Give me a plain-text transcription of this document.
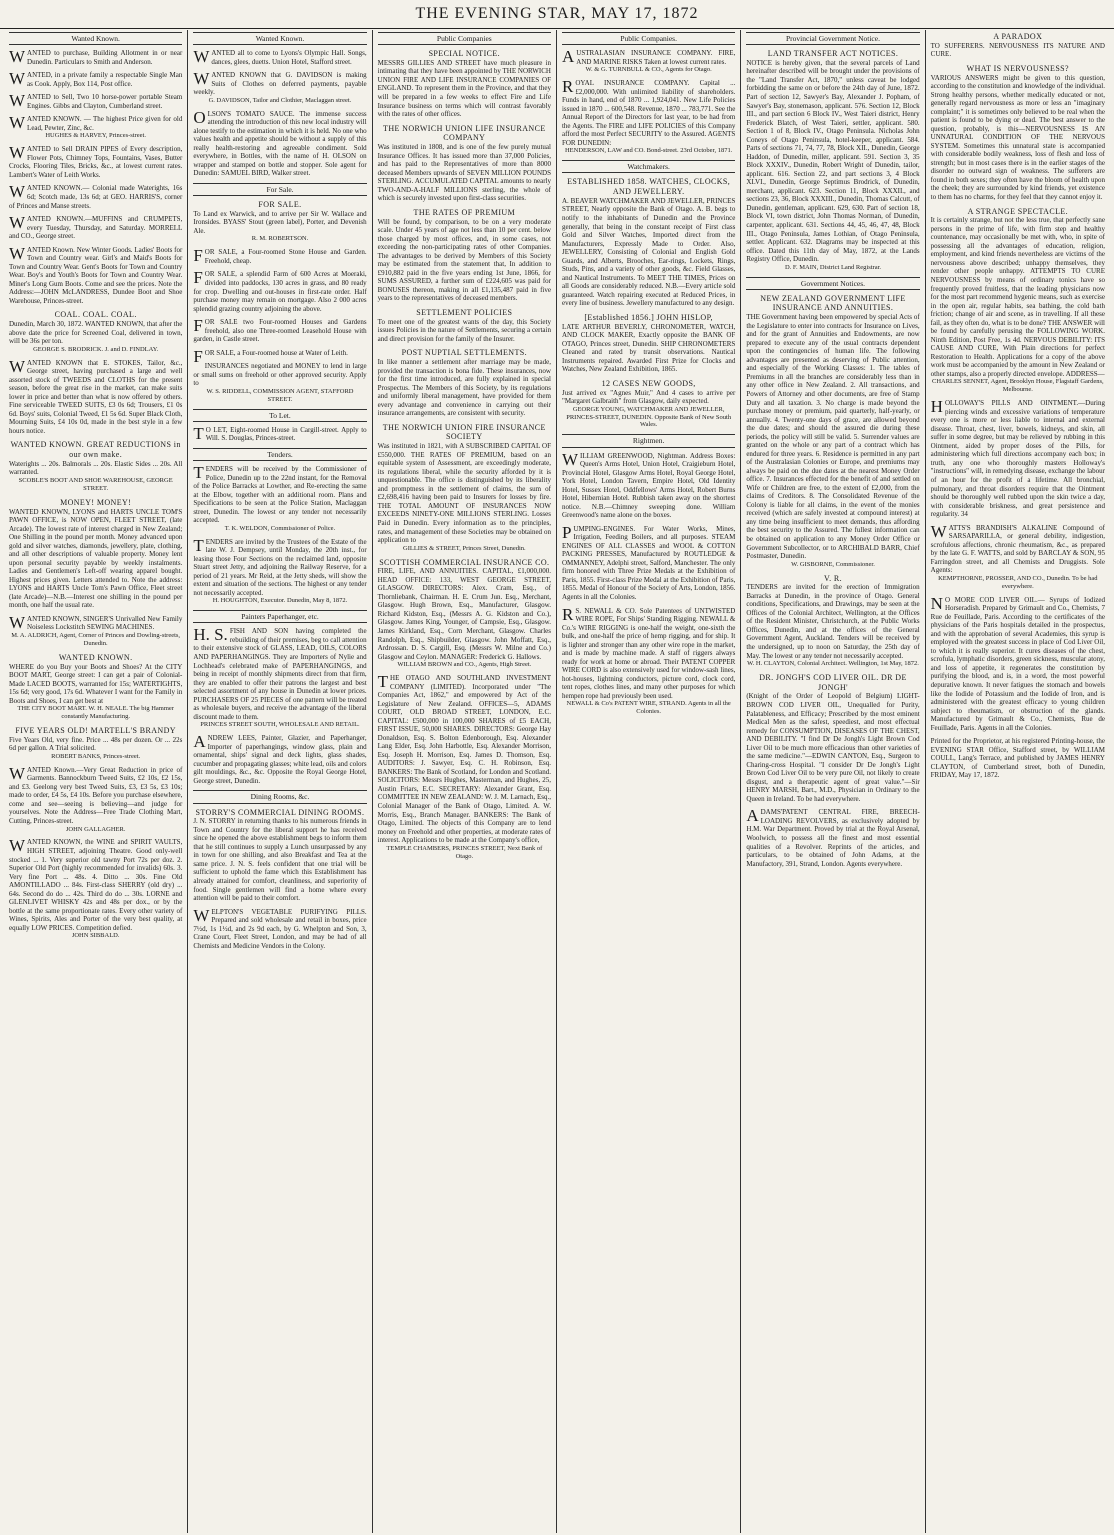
THE EVENING STAR, MAY 17, 1872
Wanted Known.
WANTED to purchase, Building Allotment in or near Dunedin. Particulars to Smith and Anderson.
WANTED, in a private family a respectable Single Man as Cook. Apply, Box 114, Post office.
WANTED to Sell, Two 10 horse-power portable Steam Engines. Gibbs and Clayton, Cumberland street.
WANTED KNOWN. — The highest Price given for old Lead, Pewter, Zinc, &c.
HUGHES & HARVEY, Princes-street.
WANTED to Sell DRAIN PIPES of Every description, Flower Pots, Chimney Tops, Fountains, Vases, Butter Crocks, Flooring Tiles, Bricks, &c., at lowest current rates. Lambert's Water of Leith Works.
WANTED KNOWN.— Colonial made Waterights, 16s 6d; Scotch made, 13s 6d; at GEO. HARRIS'S, corner of Princes and Manse streets.
WANTED KNOWN.—MUFFINS and CRUMPETS, every Tuesday, Thursday, and Saturday. MORRELL and CO., George street.
WANTED Known. New Winter Goods. Ladies' Boots for Town and Country wear. Girl's and Maid's Boots for Town and Country Wear. Gent's Boots for Town and Country Wear. Boy's and Youth's Boots for Town and Country Wear. Miner's Long Gum Boots. Come and see the prices. Note the Address:—JOHN McLANDRESS, Dundee Boot and Shoe Warehouse, Princes-street.
COAL. COAL. COAL.
Dunedin, March 30, 1872. WANTED KNOWN, that after the above date the price for Screened Coal, delivered in town, will be 36s per ton.
GEORGE S. BRODRICK. J. and D. FINDLAY.
WANTED KNOWN that E. STOKES, Tailor, &c., George street, having purchased a large and well assorted stock of TWEEDS and CLOTHS for the present season, before the great rise in the market, can make suits lower in price and better than what is now offered by others. Fine serviceable TWEED SUITS, £3 0s 6d; Trousers, £1 0s 6d. Boys' suits, Colonial Tweed, £1 5s 6d. Super Black Cloth, Mourning Suits, £4 10s 0d, made in the best style in a few hours notice.
WANTED KNOWN. GREAT REDUCTIONS in our own make.
Waterights ... 20s. Balmorals ... 20s. Elastic Sides ... 20s. All warranted.
SCOBLE'S BOOT AND SHOE WAREHOUSE, GEORGE STREET.
MONEY! MONEY!
WANTED KNOWN, LYONS and HARTS UNCLE TOM'S PAWN OFFICE, is NOW OPEN, FLEET STREET, (late Arcade). The lowest rate of interest charged in New Zealand; One Shilling in the pound per month. Money advanced upon gold and silver watches, diamonds, jewellery, plate, clothing, and all other descriptions of valuable property. Money lent upon personal security payable by weekly instalments. Ladies and Gentlemen's Left-off wearing apparel bought. Highest prices given. Letters attended to. Note the address: LYONS and HARTS Uncle Tom's Pawn Office, Fleet street (late Arcade)—N.B.—Interest one shilling in the pound per month, one half the usual rate.
WANTED KNOWN, SINGER'S Unrivalled New Family Noiseless Lockstitch SEWING MACHINES.
M. A. ALDRICH, Agent, Corner of Princes and Dowling-streets, Dunedin.
WANTED KNOWN.
WHERE do you Buy your Boots and Shoes? At the CITY BOOT MART, George street: I can get a pair of Colonial-Made LACED BOOTS, warranted for 15s; WATERTIGHTS, 15s 6d; very good, 17s 6d. Whatever I want for the Family in Boots and Shoes, I can get best at
THE CITY BOOT MART. W. H. NEALE. The big Hammer constantly Manufacturing.
FIVE YEARS OLD! MARTELL'S BRANDY
Five Years Old, very fine. Price ... 48s per dozen. Or ... 22s 6d per gallon. A Trial solicited.
ROBERT BANKS, Princes-street.
WANTED Known.—Very Great Reduction in price of Garments. Bannockburn Tweed Suits, £2 10s, £2 15s, and £3. Geelong very best Tweed Suits, £3, £3 5s, £3 10s; made to order, £4 5s, £4 10s. Before you purchase elsewhere, come and see—seeing is believing—and judge for yourselves. Note the Address—Free Trade Clothing Mart, Cutting, Princes-street.
JOHN GALLAGHER.
WANTED KNOWN, the WINE and SPIRIT VAULTS, HIGH STREET, adjoining Theatre. Good only-well stocked ... 1. Very superior old tawny Port 72s per doz. 2. Superior Old Port (highly recommended for invalids) 60s. 3. Very fine Port ... 48s. 4. Ditto ... 30s. Fine Old AMONTILLADO ... 84s. First-class SHERRY (old dry) ... 64s. Second do do ... 42s. Third do do ... 30s. LORNE and GLENLIVET WHISKY 42s and 48s per dox., or by the bottle at the same proportionate rates. Every other variety of Wines, Spirits, Ales and Porter of the very best quality, at equally LOW PRICES. Competition defied.
JOHN SIBBALD.
Wanted Known.
WANTED all to come to Lyons's Olympic Hall. Songs, dances, glees, duetts. Union Hotel, Stafford street.
WANTED KNOWN that G. DAVIDSON is making Suits of Clothes on deferred payments, payable weekly.
G. DAVIDSON, Tailor and Clothier, Maclaggan street.
OLSON'S TOMATO SAUCE. The immense success attending the introduction of this new local industry will alone testify to the estimation in which it is held. No one who values health and appetite should be without a supply of this really health-restoring and agreeable condiment. Sold everywhere, in Bottles, with the name of H. OLSON on wrapper and stamped on bottle and stopper. Sole agent for Dunedin: SAMUEL BIRD, Walker street.
For Sale.
FOR SALE.
To Land ex Warwick, and to arrive per Sir W. Wallace and Ironsides. BYASS' Stout (green label), Porter, and Devenish Ale.
R. M. ROBERTSON.
FOR SALE, a Four-roomed Stone House and Garden. Freehold, cheap.
FOR SALE, a splendid Farm of 600 Acres at Moeraki, divided into paddocks, 130 acres in grass, and 80 ready for crop. Dwelling and out-houses in first-rate order. Half purchase money may remain on mortgage. Also 2 000 acres splendid grazing country adjoining the above.
FOR SALE two Four-roomed Houses and Gardens freehold, also one Three-roomed Leasehold House with garden, in Castle street.
FOR SALE, a Four-roomed house at Water of Leith.
INSURANCES negotiated and MONEY to lend in large or small sums on freehold or other approved security. Apply to
W. S. RIDDELL, COMMISSION AGENT, STAFFORD STREET.
To Let.
T O LET, Eight-roomed House in Cargill-street. Apply to Will. S. Douglas, Princes-street.
Tenders.
TENDERS will be received by the Commissioner of Police, Dunedin up to the 22nd instant, for the Removal of the Police Barracks at Lowther, and Re-erecting the same at the Elbow, together with an additional room. Plans and Specifications to be seen at the Police Station, Maclaggan street, Dunedin. The lowest or any tender not necessarily accepted.
T. K. WELDON, Commissioner of Police.
TENDERS are invited by the Trustees of the Estate of the late W. J. Dempsey, until Monday, the 20th inst., for leasing those Four Sections on the reclaimed land, opposite Stuart street Jetty, and adjoining the Railway Reserve, for a period of 21 years. Mr Reid, at the Jetty sheds, will show the extent and situation of the sections. The highest or any tender not necessarily accepted.
H. HOUGHTON, Executor. Dunedin, May 8, 1872.
Painters Paperhanger, etc.
H. S. FISH AND SON having completed the rebuilding of their premises, beg to call attention to their extensive stock of GLASS, LEAD, OILS, COLORS AND PAPERHANGINGS. They are Importers of Nylie and Lochhead's celebrated make of PAPERHANGINGS, and being in receipt of monthly shipments direct from that firm, they are enabled to offer their patrons the largest and best selected assortment of any house in Dunedin at lower prices. PURCHASERS OF 25 PIECES of one pattern will be treated as wholesale buyers, and receive the advantage of the liberal discount made to them.
PRINCES STREET SOUTH, WHOLESALE AND RETAIL.
ANDREW LEES, Painter, Glazier, and Paperhanger, Importer of paperhangings, window glass, plain and ornamental, ships' signal and deck lights, glass shades, cucumber and propagating glasses; white lead, oils and colors gilt mouldings, &c., &c. Opposite the Royal George Hotel, George street, Dunedin.
Dining Rooms, &c.
STORRY'S COMMERCIAL DINING ROOMS.
J. N. STORRY in returning thanks to his numerous friends in Town and Country for the liberal support he has received since he opened the above establishment begs to inform them that he still continues to supply a Lunch unsurpassed by any in town for one shilling, and also Breakfast and Tea at the same price. J. N. S. feels confident that one trial will be sufficient to uphold the fame which this Establishment has already attained for comfort, cleanliness, and superiority of food. Single gentlemen will find a home where every attention will be paid to their comfort.
WELPTON'S VEGETABLE PURIFYING PILLS. Prepared and sold wholesale and retail in boxes, price 7½d, 1s 1½d, and 2s 9d each, by G. Whelpton and Son, 3, Crane Court, Fleet Street, London, and may be had of all Chemists and Medicine Vendors in the Colony.
Public Companies
SPECIAL NOTICE.
MESSRS GILLIES AND STREET have much pleasure in intimating that they have been appointed by THE NORWICH UNION FIRE AND LIFE INSURANCE COMPANIES OF ENGLAND. To represent them in the Province, and that they will be prepared in a few weeks to effect Fire and Life Insurance business on terms which will contrast favorably with the rates of other offices.
THE NORWICH UNION LIFE INSURANCE COMPANY
Was instituted in 1808, and is one of the few purely mutual Insurance Offices. It has issued more than 37,000 Policies, and has paid to the Representatives of more than 8000 deceased Members upwards of SEVEN MILLION POUNDS STERLING. ACCUMULATED CAPITAL amounts to nearly TWO-AND-A-HALF MILLIONS sterling, the whole of which is securely invested upon first-class securities.
THE RATES OF PREMIUM
Will be found, by comparison, to be on a very moderate scale. Under 45 years of age not less than 10 per cent. below those charged by most offices, and, in some cases, not exceeding the non-participating rates of other Companies. The advantages to be derived by Members of this Society may be estimated from the statement that, In addition to £910,882 paid in the five years ending 1st June, 1866, for SUMS ASSURED, a further sum of £224,605 was paid for BONUSES thereon, making in all £1,135,487 paid in five years to the representatives of deceased members.
SETTLEMENT POLICIES
To meet one of the greatest wants of the day, this Society issues Policies in the nature of Settlements, securing a certain and direct provision for the family of the Insurer.
POST NUPTIAL SETTLEMENTS.
In like manner a settlement after marriage may be made, provided the transaction is bona fide. These insurances, now for the first time introduced, are fully explained in special Prospectus. The Members of this Society, by its regulations and uniformly liberal management, have provided for them every advantage and convenience in carrying out their insurance arrangements, are consistent with security.
THE NORWICH UNION FIRE INSURANCE SOCIETY
Was instituted in 1821, with A SUBSCRIBED CAPITAL OF £550,000. THE RATES OF PREMIUM, based on an equitable system of Assessment, are exceedingly moderate, its regulations liberal, while the security afforded by it is unquestionable. The office is distinguished by its liberality and promptness in the settlement of claims, the sum of £2,698,416 having been paid to Insurers for losses by fire. THE TOTAL AMOUNT OF INSURANCES NOW EXCEEDS NINETY-ONE MILLIONS STERLING. Losses Paid in Dunedin. Every information as to the principles, rates, and management of these Societies may be obtained on application to
GILLIES & STREET, Princes Street, Dunedin.
SCOTTISH COMMERCIAL INSURANCE CO.
FIRE, LIFE, AND ANNUITIES. CAPITAL, £1,000,000. HEAD OFFICE: 133, WEST GEORGE STREET, GLASGOW. DIRECTORS: Alex. Cram, Esq., of Thornliebank, Chairman. H. E. Crum Jun. Esq., Merchant, Glasgow. Hugh Brown, Esq., Manufacturer, Glasgow. Richard Kidston, Esq., (Messrs A. G. Kidston and Co.), Glasgow. James King, Younger, of Campsie, Esq., Glasgow. James Kirkland, Esq., Corn Merchant, Glasgow. Charles Randolph, Esq., Shipbuilder, Glasgow. John Moffatt, Esq., Ardrossan. D. S. Cargill, Esq. (Messrs W. Milne and Co.) Glasgow and Ceylon. MANAGER: Frederick G. Hallows.
WILLIAM BROWN and CO., Agents, High Street.
THE OTAGO AND SOUTHLAND INVESTMENT COMPANY (LIMITED). Incorporated under "The Companies Act, 1862," and empowered by Act of the Legislature of New Zealand. OFFICES—5, ADAMS COURT, OLD BROAD STREET, LONDON, E.C. CAPITAL: £500,000 in 100,000 SHARES of £5 EACH, FIRST ISSUE, 50,000 SHARES. DIRECTORS: George Hay Donaldson, Esq. S. Bolton Edenborough, Esq. Alexander Lang Elder, Esq. John Harbottle, Esq. Alexander Morrison, Esq. Joseph H. Morrison, Esq. James D. Thomson, Esq. AUDITORS: J. Sawyer, Esq. C. H. Robinson, Esq. BANKERS: The Bank of Scotland, for London and Scotland. SOLICITORS: Messrs Hughes, Masterman, and Hughes, 25, Austin Friars, E.C. SECRETARY: Alexander Grant, Esq. COMMITTEE IN NEW ZEALAND: W. J. M. Larnach, Esq., Colonial Manager of the Bank of Otago, Limited. A. W. Morris, Esq., Branch Manager. BANKERS: The Bank of Otago, Limited. The objects of this Company are to lend money on Freehold and other properties, at moderate rates of interest. Applications to be made at the Company's office,
TEMPLE CHAMBERS, PRINCES STREET, Next Bank of Otago.
Public Companies.
AUSTRALASIAN INSURANCE COMPANY. FIRE, AND MARINE RISKS Taken at lowest current rates.
W. & G. TURNBULL & CO., Agents for Otago.
ROYAL INSURANCE COMPANY. Capital ... £2,000,000. With unlimited liability of shareholders. Funds in hand, end of 1870 ... 1,924,041. New Life Policies issued in 1870 ... 600,548. Revenue, 1870 ... 783,771. See the Annual Report of the Directors for last year, to be had from the Agents. The FIRE and LIFE POLICIES of this Company afford the most Perfect SECURITY to the Assured. AGENTS FOR DUNEDIN:
HENDERSON, LAW and CO. Bond-street. 23rd October, 1871.
Watchmakers.
ESTABLISHED 1858. WATCHES, CLOCKS, AND JEWELLERY.
A. BEAVER WATCHMAKER AND JEWELLER, PRINCES STREET, Nearly opposite the Bank of Otago. A. B. begs to notify to the inhabitants of Dunedin and the Province generally, that being in the constant receipt of First class Gold and Silver Watches, Imported direct from the Manufacturers, Expressly Made to Order. Also, JEWELLERY, Consisting of Colonial and English Gold Guards, and Alberts, Brooches, Ear-rings, Lockets, Rings, Studs, Pins, and a variety of other goods, &c. Field Glasses, and Nautical Instruments. To MEET THE TIMES, Prices on all Goods are considerably reduced. N.B.—Every article sold guaranteed. Watch repairing executed at Reduced Prices, in every line of business. Jewellery manufactured to any design.
[Established 1856.] JOHN HISLOP,
LATE ARTHUR BEVERLY, CHRONOMETER, WATCH, AND CLOCK MAKER, Exactly opposite the BANK OF OTAGO, Princes street, Dunedin. SHIP CHRONOMETERS Cleaned and rated by transit observations. Nautical Instruments repaired. Awarded First Prize for Clocks and Watches, New Zealand Exhibition, 1865.
12 CASES NEW GOODS,
Just arrived ex "Agnes Muir," And 4 cases to arrive per "Margaret Galbraith" from Glasgow, daily expected.
GEORGE YOUNG, WATCHMAKER AND JEWELLER, PRINCES-STREET, DUNEDIN. Opposite Bank of New South Wales.
Rightmen.
WILLIAM GREENWOOD, Nightman. Address Boxes: Queen's Arms Hotel, Union Hotel, Craigieburn Hotel, Provincial Hotel, Glasgow Arms Hotel, Royal George Hotel, York Hotel, London Tavern, Empire Hotel, Old Identity Hotel, Sussex Hotel, Oddfellows' Arms Hotel, Robert Burns Hotel, Hibernian Hotel. Rubbish taken away on the shortest notice. N.B.—Chimney sweeping done. William Greenwood's name alone on the boxes.
PUMPING-ENGINES. For Water Works, Mines, Irrigation, Feeding Boilers, and all purposes. STEAM ENGINES OF ALL CLASSES and WOOL & COTTON PACKING PRESSES, Manufactured by ROUTLEDGE & OMMANNEY, Adelphi street, Salford, Manchester. The only firm honored with Three Prize Medals at the Exhibition of Paris, 1855. First-class Prize Medal at the Exhibition of Paris, 1855. Medal of Honour of the Society of Arts, London, 1856. Agents in all the Colonies.
R S. NEWALL & CO. Sole Patentees of UNTWISTED WIRE ROPE, For Ships' Standing Rigging. NEWALL & Co.'s WIRE RIGGING is one-half the weight, one-sixth the bulk, and one-half the price of hemp rigging, and for ship. It is lighter and stronger than any other wire rope in the market, and is made by machine made. A staff of riggers always ready for work at home or abroad. Their PATENT COPPER WIRE CORD is also extensively used for window-sash lines, hot-houses, lightning conductors, picture cord, clock cord, tent ropes, clothes lines, and many other purposes for which hempen rope had previously been used.
NEWALL & Co's PATENT WIRE, STRAND. Agents in all the Colonies.
Provincial Government Notice.
LAND TRANSFER ACT NOTICES.
NOTICE is hereby given, that the several parcels of Land hereinafter described will be brought under the provisions of the "Land Transfer Act, 1870," unless caveat be lodged forbidding the same on or before the 24th day of June, 1872. Part of section 12, Sawyer's Bay, Alexander J. Popham, of Sawyer's Bay, stonemason, applicant. 576. Section 12, Block III., and part section 6 Block IV., West Taieri district, Henry Frederick Blatch, of West Taieri, settler, applicant. 580. Section 1 of 8, Block IV., Otago Peninsula. Nicholas John Coneys of Otago Peninsula, hotel-keeper, applicant. 584. Parts of sections 71, 74, 77, 78, Block XII., Dunedin, George Haddon, of Dunedin, miller, applicant. 591. Section 3, 35 Block XXXIV., Dunedin, Robert Wright of Dunedin, tailor, applicant. 616. Section 22, and part sections 3, 4 Block XLVI., Dunedin, George Septimus Brodrick, of Dunedin, merchant, applicant. 623. Section 11, Block XXXII., and sections 23, 36, Block XXXIII., Dunedin, Thomas Calcutt, of Dunedin, gentleman, applicant. 629, 630. Part of section 18, Block VI, town district, John Thomas Norman, of Dunedin, carpenter, applicant. 631. Sections 44, 45, 46, 47, 48, Block III., Otago Peninsula, James Lothian, of Otago Peninsula, settler. Applicant. 632. Diagrams may be inspected at this office. Dated this 11th day of May, 1872, at the Lands Registry Office, Dunedin.
D. F. MAIN, District Land Registrar.
Government Notices.
NEW ZEALAND GOVERNMENT LIFE INSURANCE AND ANNUITIES.
THE Government having been empowered by special Acts of the Legislature to enter into contracts for Insurance on Lives, and for the grant of Annuities and Endowments, are now prepared to execute any of the usual contracts dependent upon the contingencies of human life. The following advantages are presented as deserving of Public attention, and especially of the Working Classes: 1. The tables of Premiums in all the branches are considerably less than in any other office in New Zealand. 2. All transactions, and Powers of Attorney and other documents, are free of Stamp Duty and all taxation. 3. No charge is made beyond the purchase money or premium, paid quarterly, half-yearly, or annually. 4. Twenty-one days of grace, are allowed beyond the due dates; and should the assured die during these periods, the policy will still be valid. 5. Surrender values are granted on the whole or any part of a contract which has endured for three years. 6. Residence is permitted in any part of the Australasian Colonies or Europe, and premiums may always be paid on the due dates at the nearest Money Order office. 7. Insurances effected for the benefit of and settled on Wife or Children are free, to the extent of £2,000, from the claims of Creditors. 8. The Consolidated Revenue of the Colony is liable for all claims, in the event of the monies received (which are safely invested at compound interest) at any time being insufficient to meet demands, thus affording the best security to the Assured. The fullest information can be obtained on application to any Money Order Office or Government Subcollector, or to ARCHIBALD BARR, Chief Postmaster, Dunedin.
W. GISBORNE, Commissioner.
V. R.
TENDERS are invited for the erection of Immigration Barracks at Dunedin, in the province of Otago. General conditions, Specifications, and Drawings, may be seen at the Offices of the Colonial Architect, Wellington, at the Offices of the Resident Minister, Christchurch, at the Public Works Offices, Dunedin, and at the offices of the General Government Agent, Auckland. Tenders will be received by the undersigned, up to noon on Saturday, the 25th day of May. The lowest or any tender not necessarily accepted.
W. H. CLAYTON, Colonial Architect. Wellington, 1st May, 1872.
DR. JONGH'S COD LIVER OIL. DR DE JONGH'
(Knight of the Order of Leopold of Belgium) LIGHT-BROWN COD LIVER OIL, Unequalled for Purity, Palatableness, and Efficacy; Prescribed by the most eminent Medical Men as the safest, speediest, and most effectual remedy for CONSUMPTION, DISEASES OF THE CHEST, AND DEBILITY. "I find Dr De Jongh's Light Brown Cod Liver Oil to be much more efficacious than other varieties of the same medicine."—EDWIN CANTON, Esq., Surgeon to Charing-cross Hospital. "I consider Dr De Jongh's Light Brown Cod Liver Oil to be very pure Oil, not likely to create disgust, and a therapeutic agent of great value."—Sir HENRY MARSH, Bart., M.D., Physician in Ordinary to the Queen in Ireland. To be had everywhere.
ADAMS'PATENT CENTRAL FIRE, BREECH-LOADING REVOLVERS, as exclusively adopted by H.M. War Department. Proved by trial at the Royal Arsenal, Woolwich, to possess all the finest and most essential qualities of a Revolver. Reprints of the articles, and particulars, to be obtained of John Adams, at the Manufactory, 391, Strand, London. Agents everywhere.
A PARADOX
TO SUFFERERS. NERVOUSNESS ITS NATURE AND CURE.
WHAT IS NERVOUSNESS?
VARIOUS ANSWERS might be given to this question, according to the constitution and knowledge of the individual. Strong healthy persons, whether medically educated or not, generally regard nervousness as more or less an "imaginary complaint;" it is sometimes only believed to be real when the patient is found to be dying or dead. The best answer to the question, probably, is this—NERVOUSNESS IS AN UNNATURAL CONDITION OF THE NERVOUS SYSTEM. Sometimes this unnatural state is accompanied with considerable bodily weakness, loss of flesh and loss of strength; but in most cases there is in the earlier stages of the disorder no outward sign of weakness. The sufferers are found in both sexes; they often have the bloom of health upon the cheek; they are surrounded by kind friends, yet existence to them has no charms, for they feel that they cannot enjoy it.
A STRANGE SPECTACLE.
It is certainly strange, but not the less true, that perfectly sane persons in the prime of life, with firm step and healthy countenance, may occasionally be met with, who, in spite of possessing all the advantages of education, religion, employment, and kind friends nevertheless are victims of the nervousness above described; unhappy themselves, they render other people unhappy. ATTEMPTS TO CURE NERVOUSNESS by means of ordinary tonics have so frequently proved fruitless, that the leading physicians now for the most part recommend hygenic means, such as exercise in the open air, regular habits, sea bathing, the cold bath friction; change of air and scene, as in travelling. If all these fail, as they often do, what is to be done? THE ANSWER will be found by carefully perusing the FOLLOWING WORK. Ninth Edition, Post Free, 1s 4d. NERVOUS DEBILITY: ITS CAUSE AND CURE, With Plain directions for perfect Restoration to Health. Applications for a copy of the above work must be accompanied by the amount in New Zealand or other stamps, also a properly directed envelope. ADDRESS—
CHARLES SENNET, Agent, Brooklyn House, Flagstaff Gardens, Melbourne.
HOLLOWAY'S PILLS AND OINTMENT.—During piercing winds and excessive variations of temperature every one is more or less liable to internal and external disease. Throat, chest, liver, bowels, kidneys, and skin, all suffer in some degree, but may be relieved by rubbing in this Ointment, aided by proper doses of the Pills, for administering which full directions accompany each box; in truth, any one who thoroughly masters Holloway's "instructions" will, in remedying disease, exchange the labour of an hour for the profit of a lifetime. All bronchial, pulmonary, and throat disorders require that the Ointment should be thoroughly well rubbed upon the skin twice a day, with considerable briskness, and great persistence and regularity. 34
WATTS'S BRANDISH'S ALKALINE Compound of SARSAPARILLA, or general debility, indigestion, scrofulous affections, chronic rheumatism, &c., as prepared by the late G. F. WATTS, and sold by BARCLAY & SON, 95 Farringdon street, and all Chemists and Druggists. Sole Agents:
KEMPTHORNE, PROSSER, AND CO., Dunedin. To be had everywhere.
N O MORE COD LIVER OIL.— Syrups of Iodized Horseradish. Prepared by Grimault and Co., Chemists, 7 Rue de Feuillade, Paris. According to the certificates of the physicians of the Paris hospitals detailed in the prospectus, and with the approbation of several Academies, this syrup is employed with the greatest success in place of Cod Liver Oil, to which it is really superior. It cures diseases of the chest, scrofula, lymphatic disorders, green sickness, muscular atony, and loss of appetite, it regenerates the constitution by purifying the blood, and is, in a word, the most powerful depurative known. It never fatigues the stomach and bowels like the Iodide of Potassium and the Iodide of Iron, and is administered with the greatest efficacy to young children subject to rheumatism, or obstruction of the glands. Manufactured by Grimault & Co., Chemists, Rue de Feuillade, Paris. Agents in all the Colonies.
Printed for the Proprietor, at his registered Printing-house, the EVENING STAR Office, Stafford street, by WILLIAM COULL, Lang's Terrace, and published by JAMES HENRY CLAYTON, of Cumberland street, both of Dunedin, FRIDAY, May 17, 1872.
